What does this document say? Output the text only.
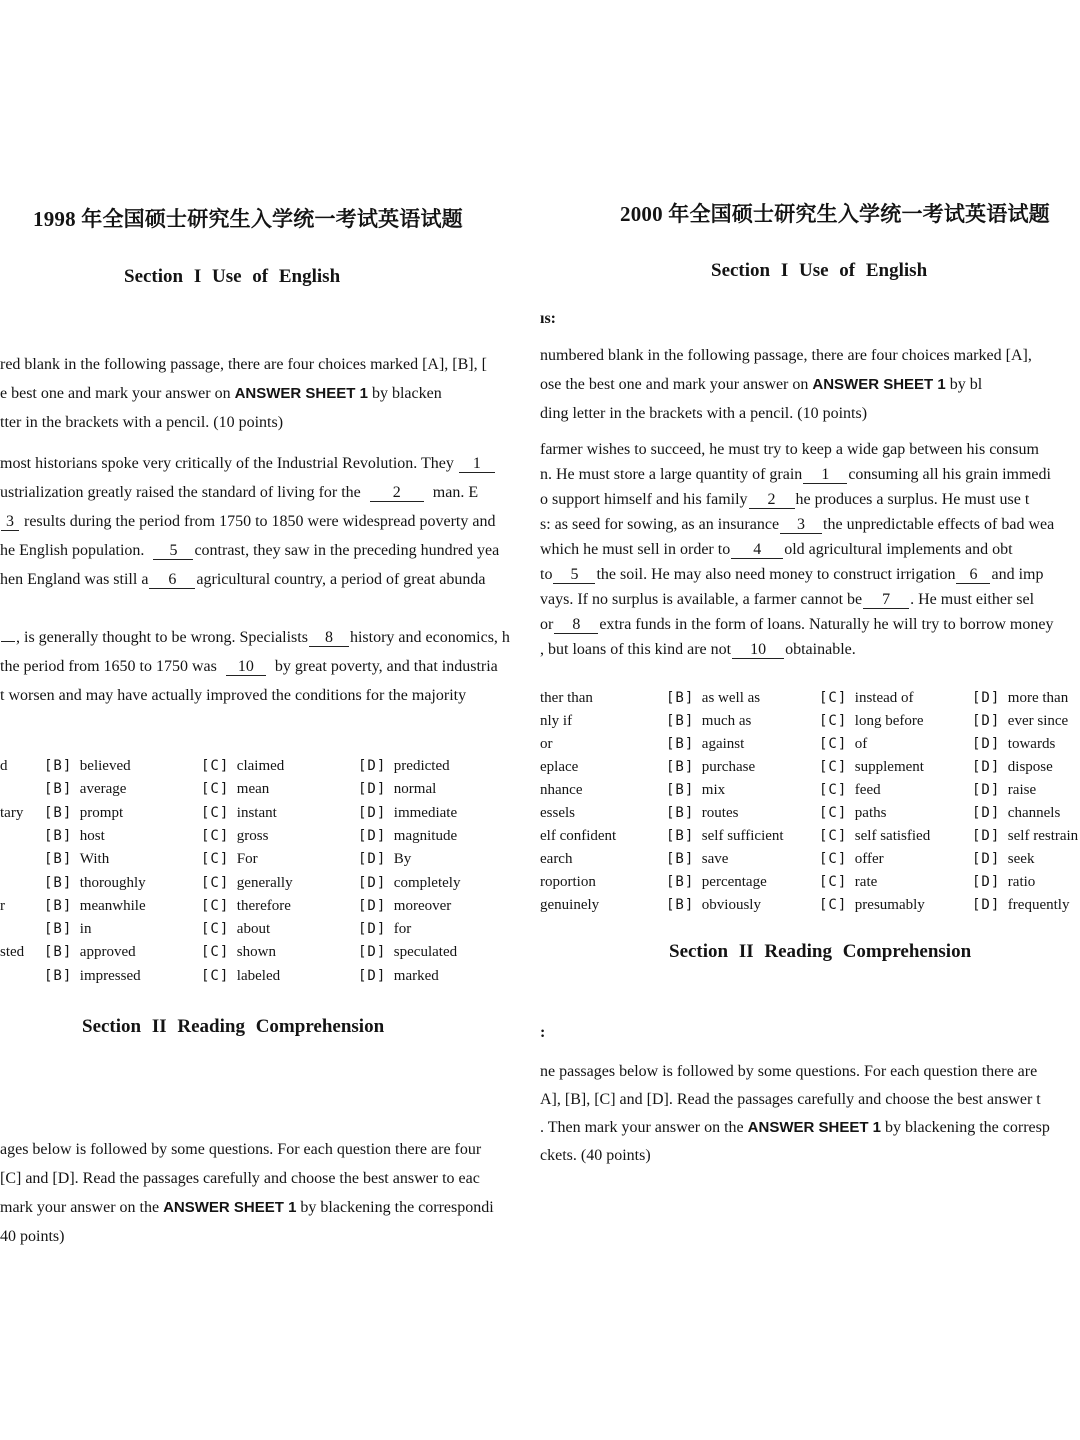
1998 年全国硕士研究生入学统一考试英语试题
Section I Use of English
red blank in the following passage, there are four choices marked [A], [B], [
e best one and mark your answer on ANSWER SHEET 1 by blacken
tter in the brackets with a pencil. (10 points)
most historians spoke very critically of the Industrial Revolution. They 1
ustrialization greatly raised the standard of living for the  2  man. E
3 results during the period from 1750 to 1850 were widespread poverty and
he English population.  5 contrast, they saw in the preceding hundred yea
hen England was still a 6 agricultural country, a period of great abunda

, is generally thought to be wrong. Specialists 8 history and economics, h
the period from 1650 to 1750 was  10  by great poverty, and that industria
t worsen and may have actually improved the conditions for the majority
d	[B] believed	[C] claimed	[D] predicted
[B] average	[C] mean	[D] normal
tary [B] prompt	[C] instant	[D] immediate
[B] host	[C] gross	[D] magnitude
[B] With	[C] For	[D] By
[B] thoroughly	[C] generally	[D] completely
r	[B] meanwhile	[C] therefore	[D] moreover
[B] in	[C] about	[D] for
sted [B] approved	[C] shown	[D] speculated
[B] impressed	[C] labeled	[D] marked
Section II Reading Comprehension
ages below is followed by some questions. For each question there are four
[C] and [D]. Read the passages carefully and choose the best answer to eac
mark your answer on the ANSWER SHEET 1 by blackening the correspondi
40 points)
2000 年全国硕士研究生入学统一考试英语试题
Section I Use of English
ıs:
numbered blank in the following passage, there are four choices marked [A],
ose the best one and mark your answer on ANSWER SHEET 1 by bl
ding letter in the brackets with a pencil. (10 points)
farmer wishes to succeed, he must try to keep a wide gap between his consum
n. He must store a large quantity of grain 1 consuming all his grain immedi
o support himself and his family 2 he produces a surplus. He must use t
s: as seed for sowing, as an insurance 3 the unpredictable effects of bad wea
which he must sell in order to 4 old agricultural implements and obt
to 5 the soil. He may also need money to construct irrigation 6 and imp
vays. If no surplus is available, a farmer cannot be 7 . He must either sel
or 8 extra funds in the form of loans. Naturally he will try to borrow money
, but loans of this kind are not 10 obtainable.
ther than	[B] as well as	[C] instead of	[D] more than
nly if	[B] much as	[C] long before	[D] ever since
or	[B] against	[C] of	[D] towards
eplace	[B] purchase	[C] supplement	[D] dispose
nhance	[B] mix	[C] feed	[D] raise
essels	[B] routes	[C] paths	[D] channels
elf confident	[B] self sufficient	[C] self satisfied	[D] self restrain
earch	[B] save	[C] offer	[D] seek
roportion	[B] percentage	[C] rate	[D] ratio
genuinely	[B] obviously	[C] presumably	[D] frequently
Section II Reading Comprehension
:
ne passages below is followed by some questions. For each question there are
A], [B], [C] and [D]. Read the passages carefully and choose the best answer t
. Then mark your answer on the ANSWER SHEET 1 by blackening the corresp
ckets. (40 points)
